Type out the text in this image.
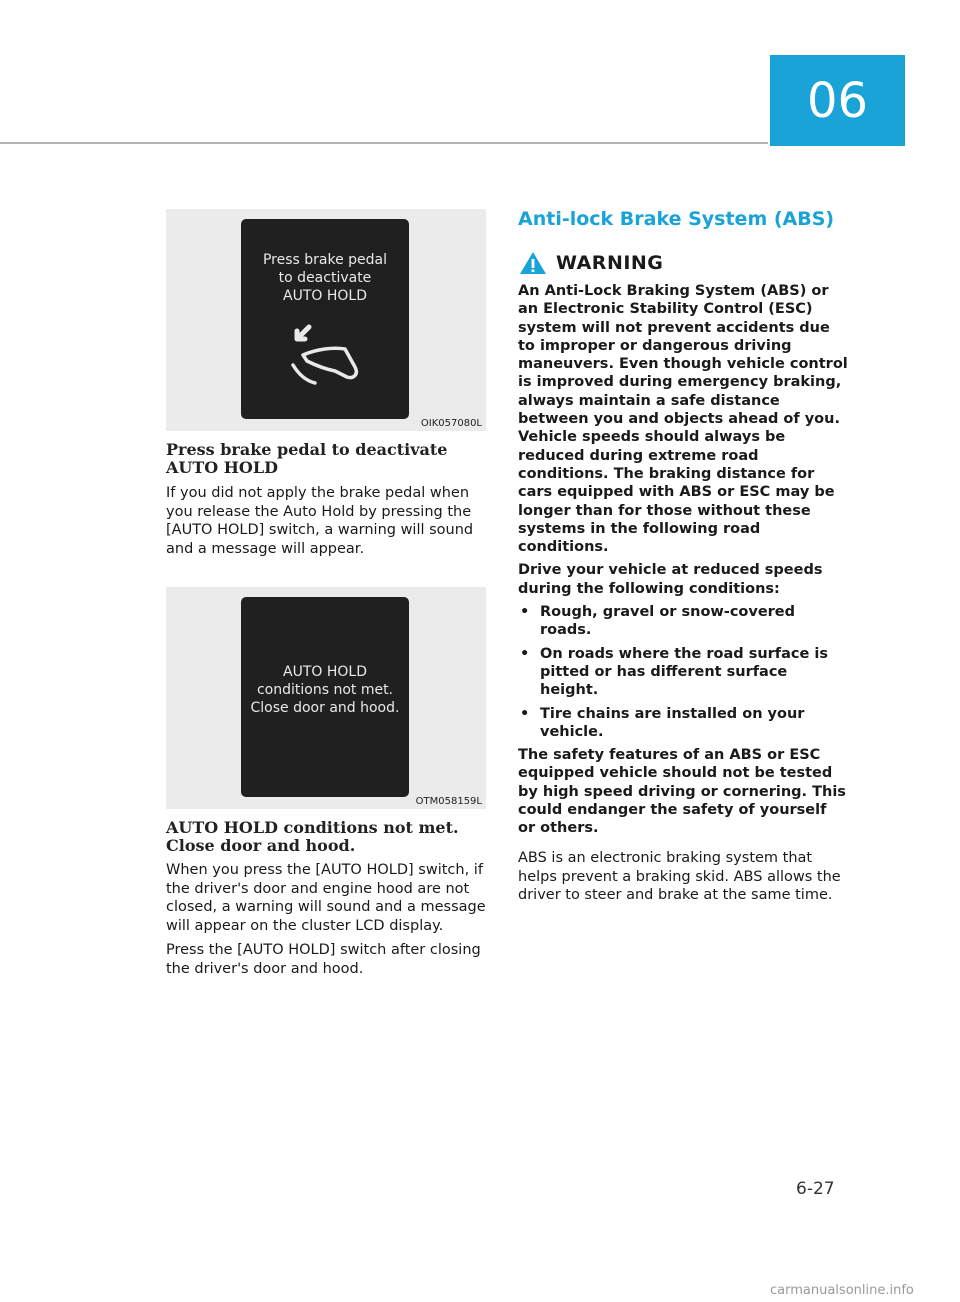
06
Press brake pedal
to deactivate
AUTO HOLD
OIK057080L
Press brake pedal to deactivate AUTO HOLD

If you did not apply the brake pedal when you release the Auto Hold by pressing the [AUTO HOLD] switch, a warning will sound and a message will appear.

AUTO HOLD
conditions not met.
Close door and hood.
OTM058159L
AUTO HOLD conditions not met. Close door and hood.

When you press the [AUTO HOLD] switch, if the driver's door and engine hood are not closed, a warning will sound and a message will appear on the cluster LCD display.

Press the [AUTO HOLD] switch after closing the driver's door and hood.

Anti-lock Brake System (ABS)
WARNING

An Anti-Lock Braking System (ABS) or an Electronic Stability Control (ESC) system will not prevent accidents due to improper or dangerous driving maneuvers. Even though vehicle control is improved during emergency braking, always maintain a safe distance between you and objects ahead of you. Vehicle speeds should always be reduced during extreme road conditions. The braking distance for cars equipped with ABS or ESC may be longer than for those without these systems in the following road conditions.

Drive your vehicle at reduced speeds during the following conditions:

• Rough, gravel or snow-covered roads.
• On roads where the road surface is pitted or has different surface height.
• Tire chains are installed on your vehicle.

The safety features of an ABS or ESC equipped vehicle should not be tested by high speed driving or cornering. This could endanger the safety of yourself or others.

ABS is an electronic braking system that helps prevent a braking skid. ABS allows the driver to steer and brake at the same time.
6-27
carmanualsonline.info
